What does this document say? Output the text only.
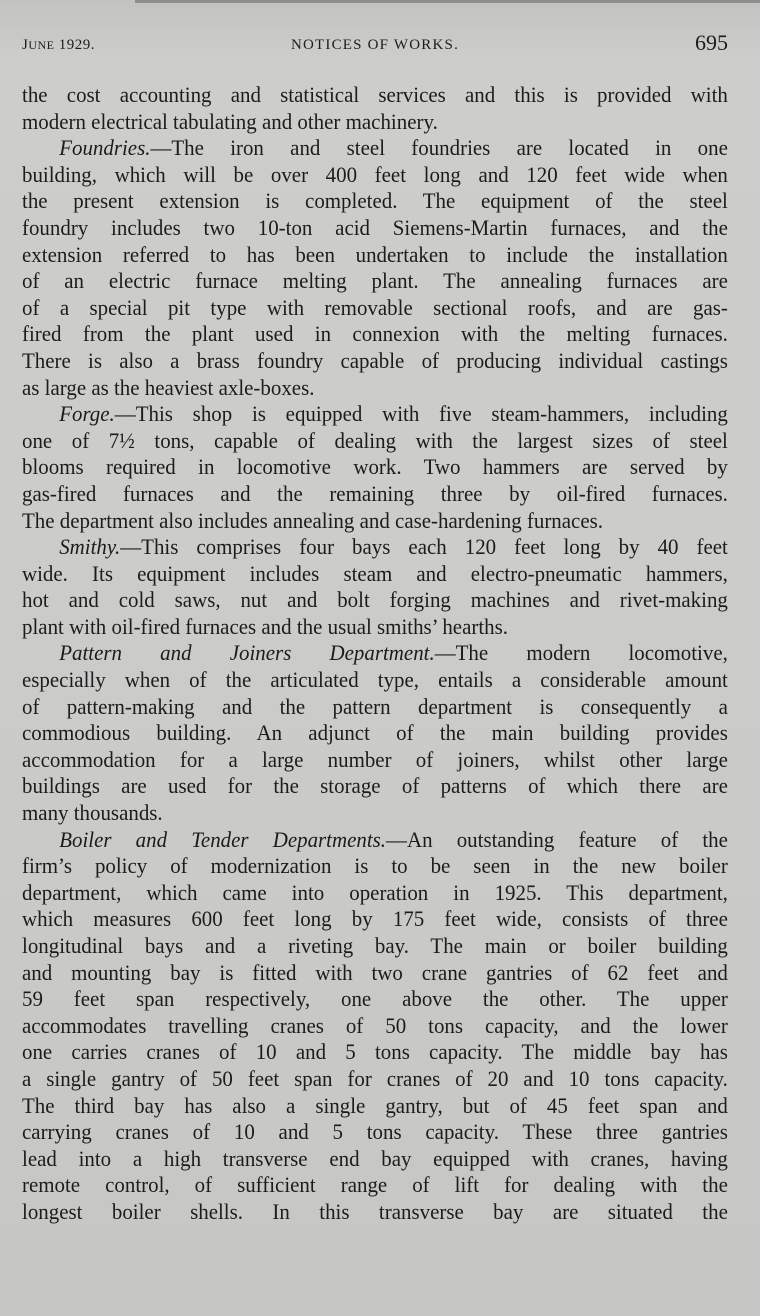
JUNE 1929.	NOTICES OF WORKS.	695
the cost accounting and statistical services and this is provided with
modern electrical tabulating and other machinery.
Foundries.—The iron and steel foundries are located in one
building, which will be over 400 feet long and 120 feet wide when
the present extension is completed. The equipment of the steel
foundry includes two 10-ton acid Siemens-Martin furnaces, and the
extension referred to has been undertaken to include the installation
of an electric furnace melting plant. The annealing furnaces are
of a special pit type with removable sectional roofs, and are gas-
fired from the plant used in connexion with the melting furnaces.
There is also a brass foundry capable of producing individual castings
as large as the heaviest axle-boxes.
Forge.—This shop is equipped with five steam-hammers, including
one of 7½ tons, capable of dealing with the largest sizes of steel
blooms required in locomotive work. Two hammers are served by
gas-fired furnaces and the remaining three by oil-fired furnaces.
The department also includes annealing and case-hardening furnaces.
Smithy.—This comprises four bays each 120 feet long by 40 feet
wide. Its equipment includes steam and electro-pneumatic hammers,
hot and cold saws, nut and bolt forging machines and rivet-making
plant with oil-fired furnaces and the usual smiths’ hearths.
Pattern and Joiners Department.—The modern locomotive,
especially when of the articulated type, entails a considerable amount
of pattern-making and the pattern department is consequently a
commodious building. An adjunct of the main building provides
accommodation for a large number of joiners, whilst other large
buildings are used for the storage of patterns of which there are
many thousands.
Boiler and Tender Departments.—An outstanding feature of the
firm’s policy of modernization is to be seen in the new boiler
department, which came into operation in 1925. This department,
which measures 600 feet long by 175 feet wide, consists of three
longitudinal bays and a riveting bay. The main or boiler building
and mounting bay is fitted with two crane gantries of 62 feet and
59 feet span respectively, one above the other. The upper
accommodates travelling cranes of 50 tons capacity, and the lower
one carries cranes of 10 and 5 tons capacity. The middle bay has
a single gantry of 50 feet span for cranes of 20 and 10 tons capacity.
The third bay has also a single gantry, but of 45 feet span and
carrying cranes of 10 and 5 tons capacity. These three gantries
lead into a high transverse end bay equipped with cranes, having
remote control, of sufficient range of lift for dealing with the
longest boiler shells. In this transverse bay are situated the
